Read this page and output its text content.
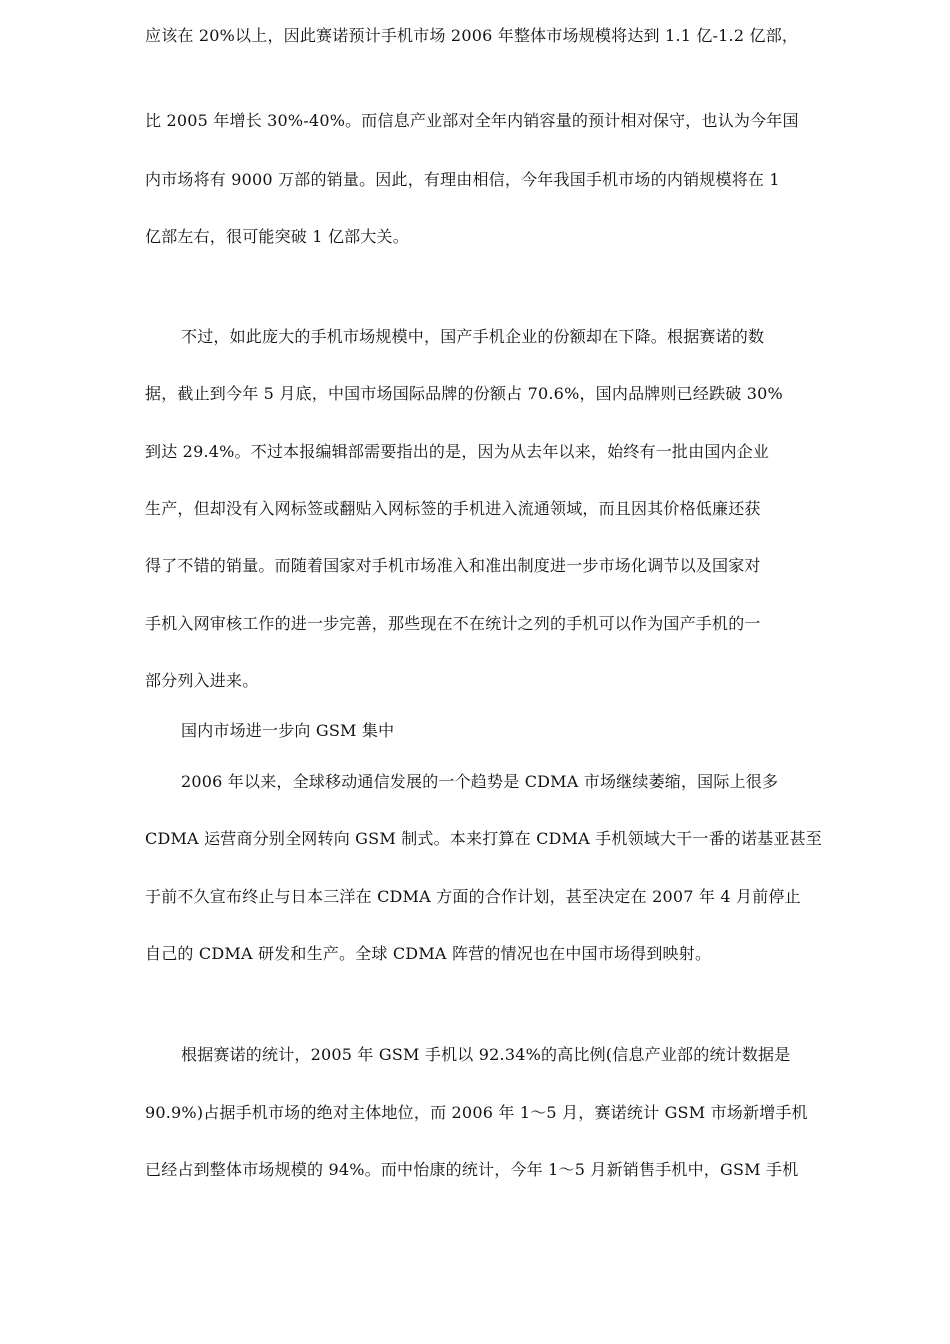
应该在 20%以上，因此赛诺预计手机市场 2006 年整体市场规模将达到 1.1 亿-1.2 亿部，
比 2005 年增长 30%-40%。而信息产业部对全年内销容量的预计相对保守，也认为今年国
内市场将有 9000 万部的销量。因此，有理由相信，今年我国手机市场的内销规模将在 1
亿部左右，很可能突破 1 亿部大关。
不过，如此庞大的手机市场规模中，国产手机企业的份额却在下降。根据赛诺的数
据，截止到今年 5 月底，中国市场国际品牌的份额占 70.6%，国内品牌则已经跌破 30%
到达 29.4%。不过本报编辑部需要指出的是，因为从去年以来，始终有一批由国内企业
生产，但却没有入网标签或翻贴入网标签的手机进入流通领域，而且因其价格低廉还获
得了不错的销量。而随着国家对手机市场准入和准出制度进一步市场化调节以及国家对
手机入网审核工作的进一步完善，那些现在不在统计之列的手机可以作为国产手机的一
部分列入进来。
国内市场进一步向 GSM 集中
2006 年以来，全球移动通信发展的一个趋势是 CDMA 市场继续萎缩，国际上很多
CDMA 运营商分别全网转向 GSM 制式。本来打算在 CDMA 手机领域大干一番的诺基亚甚至
于前不久宣布终止与日本三洋在 CDMA 方面的合作计划，甚至决定在 2007 年 4 月前停止
自己的 CDMA 研发和生产。全球 CDMA 阵营的情况也在中国市场得到映射。
根据赛诺的统计，2005 年 GSM 手机以 92.34%的高比例(信息产业部的统计数据是
90.9%)占据手机市场的绝对主体地位，而 2006 年 1～5 月，赛诺统计 GSM 市场新增手机
已经占到整体市场规模的 94%。而中怡康的统计，今年 1～5 月新销售手机中，GSM 手机
